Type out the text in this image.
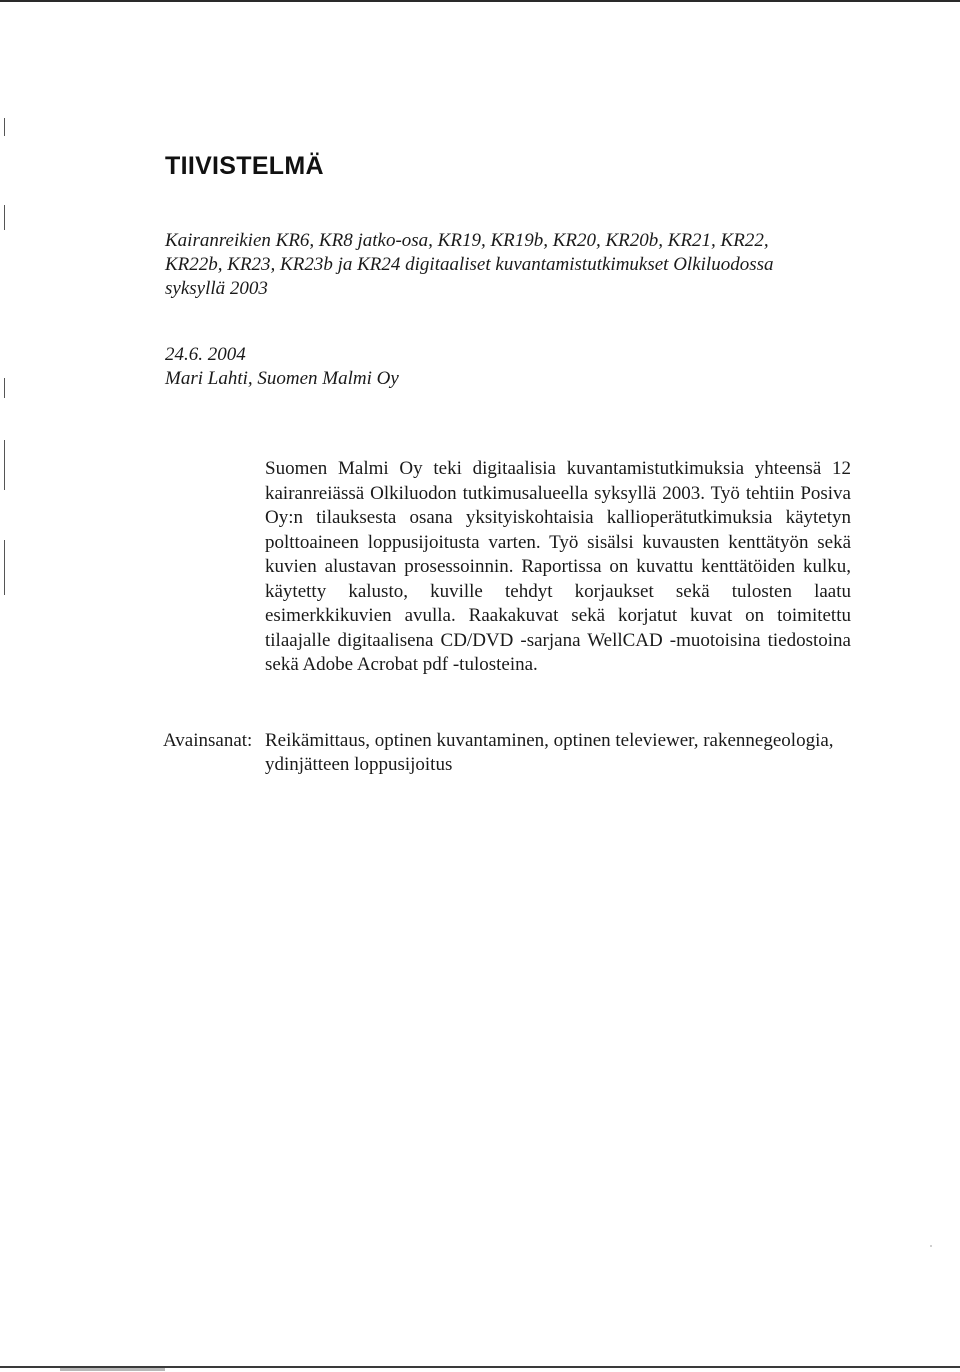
TIIVISTELMÄ

Kairanreikien KR6, KR8 jatko-osa, KR19, KR19b, KR20, KR20b, KR21, KR22, KR22b, KR23, KR23b ja KR24 digitaaliset kuvantamistutkimukset Olkiluodossa syksyllä 2003

24.6. 2004
Mari Lahti, Suomen Malmi Oy

Suomen Malmi Oy teki digitaalisia kuvantamistutkimuksia yhteensä 12 kairanreiässä Olkiluodon tutkimusalueella syksyllä 2003. Työ tehtiin Posiva Oy:n tilauksesta osana yksityiskohtaisia kallioperätutkimuksia käytetyn polttoaineen loppusijoitusta varten. Työ sisälsi kuvausten kenttätyön sekä kuvien alustavan prosessoinnin. Raportissa on kuvattu kenttätöiden kulku, käytetty kalusto, kuville tehdyt korjaukset sekä tulosten laatu esimerkkikuvien avulla. Raakakuvat sekä korjatut kuvat on toimitettu tilaajalle digitaalisena CD/DVD -sarjana WellCAD -muotoisina tiedostoina sekä Adobe Acrobat pdf -tulosteina.

Avainsanat: Reikämittaus, optinen kuvantaminen, optinen televiewer, rakennegeologia, ydinjätteen loppusijoitus
